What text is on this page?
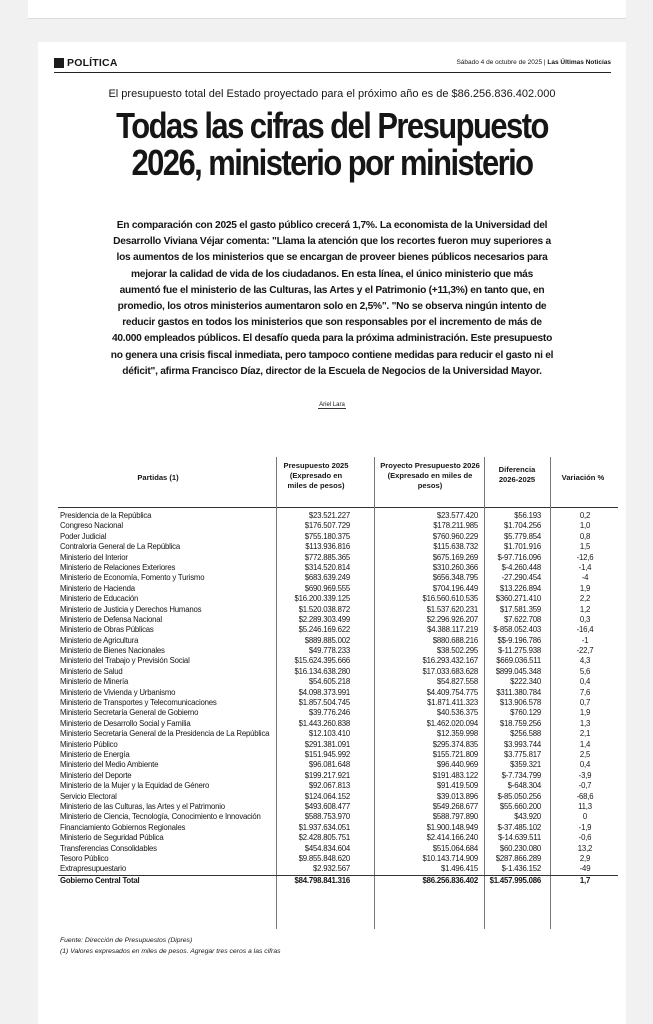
POLÍTICA	Sábado 4 de octubre de 2025 | Las Últimas Noticias
El presupuesto total del Estado proyectado para el próximo año es de $86.256.836.402.000
Todas las cifras del Presupuesto
2026, ministerio por ministerio
En comparación con 2025 el gasto público crecerá 1,7%. La economista de la Universidad del Desarrollo Viviana Véjar comenta: "Llama la atención que los recortes fueron muy superiores a los aumentos de los ministerios que se encargan de proveer bienes públicos necesarios para mejorar la calidad de vida de los ciudadanos. En esta línea, el único ministerio que más aumentó fue el ministerio de las Culturas, las Artes y el Patrimonio (+11,3%) en tanto que, en promedio, los otros ministerios aumentaron solo en 2,5%". "No se observa ningún intento de reducir gastos en todos los ministerios que son responsables por el incremento de más de 40.000 empleados públicos. El desafío queda para la próxima administración. Este presupuesto no genera una crisis fiscal inmediata, pero tampoco contiene medidas para reducir el gasto ni el déficit", afirma Francisco Díaz, director de la Escuela de Negocios de la Universidad Mayor.
Ariel Lara
Partidas (1)
Presupuesto 2025 (Expresado en miles de pesos)
Proyecto Presupuesto 2026 (Expresado en miles de pesos)
Diferencia 2026-2025	Variación %
Presidencia de la República	$23.521.227	$23.577.420	$56.193	0,2
Congreso Nacional	$176.507.729	$178.211.985	$1.704.256	1,0
Poder Judicial	$755.180.375	$760.960.229	$5.779.854	0,8
Contraloría General de La República	$113.936.816	$115.638.732	$1.701.916	1,5
Ministerio del Interior	$772.885.365	$675.169.269	$-97.716.096	-12,6
Ministerio de Relaciones Exteriores	$314.520.814	$310.260.366	$-4.260.448	-1,4
Ministerio de Economía, Fomento y Turismo	$683.639.249	$656.348.795	-27.290.454	-4
Ministerio de Hacienda	$690.969.555	$704.196.449	$13.226.894	1,9
Ministerio de Educación	$16.200.339.125	$16.560.610.535	$360.271.410	2,2
Ministerio de Justicia y Derechos Humanos	$1.520.038.872	$1.537.620.231	$17.581.359	1,2
Ministerio de Defensa Nacional	$2.289.303.499	$2.296.926.207	$7.622.708	0,3
Ministerio de Obras Públicas	$5.246.169.622	$4.388.117.219	$-858.052.403	-16,4
Ministerio de Agricultura	$889.885.002	$880.688.216	$$-9.196.786	-1
Ministerio de Bienes Nacionales	$49.778.233	$38.502.295	$-11.275.938	-22,7
Ministerio del Trabajo y Previsión Social	$15.624.395.666	$16.293.432.167	$669.036.511	4,3
Ministerio de Salud	$16.134.638.280	$17.033.683.628	$899.045.348	5,6
Ministerio de Minería	$54.605.218	$54.827.558	$222.340	0,4
Ministerio de Vivienda y Urbanismo	$4.098.373.991	$4.409.754.775	$311.380.784	7,6
Ministerio de Transportes y Telecomunicaciones	$1.857.504.745	$1.871.411.323	$13.906.578	0,7
Ministerio Secretaría General de Gobierno	$39.776.246	$40.536.375	$760.129	1,9
Ministerio de Desarrollo Social y Familia	$1.443.260.838	$1.462.020.094	$18.759.256	1,3
Ministerio Secretaría General de la Presidencia de La República	$12.103.410	$12.359.998	$256.588	2,1
Ministerio Público	$291.381.091	$295.374.835	$3.993.744	1,4
Ministerio de Energía	$151.945.992	$155.721.809	$3.775.817	2,5
Ministerio del Medio Ambiente	$96.081.648	$96.440.969	$359.321	0,4
Ministerio del Deporte	$199.217.921	$191.483.122	$-7.734.799	-3,9
Ministerio de la Mujer y la Equidad de Género	$92.067.813	$91.419.509	$-648.304	-0,7
Servicio Electoral	$124.064.152	$39.013.896	$-85.050.256	-68,6
Ministerio de las Culturas, las Artes y el Patrimonio	$493.608.477	$549.268.677	$55.660.200	11,3
Ministerio de Ciencia, Tecnología, Conocimiento e Innovación	$588.753.970	$588.797.890	$43.920	0
Financiamiento Gobiernos Regionales	$1.937.634.051	$1.900.148.949	$-37.485.102	-1,9
Ministerio de Seguridad Pública	$2.428.805.751	$2.414.166.240	$-14.639.511	-0,6
Transferencias Consolidables	$454.834.604	$515.064.684	$60.230.080	13,2
Tesoro Público	$9.855.848.620	$10.143.714.909	$287.866.289	2,9
Extrapresupuestario	$2.932.567	$1.496.415	$-1.436.152	-49
Gobierno Central Total	$84.798.841.316	$86.256.836.402	$1.457.995.086	1,7
Fuente: Dirección de Presupuestos (Dipres)
(1) Valores expresados en miles de pesos. Agregar tres ceros a las cifras
